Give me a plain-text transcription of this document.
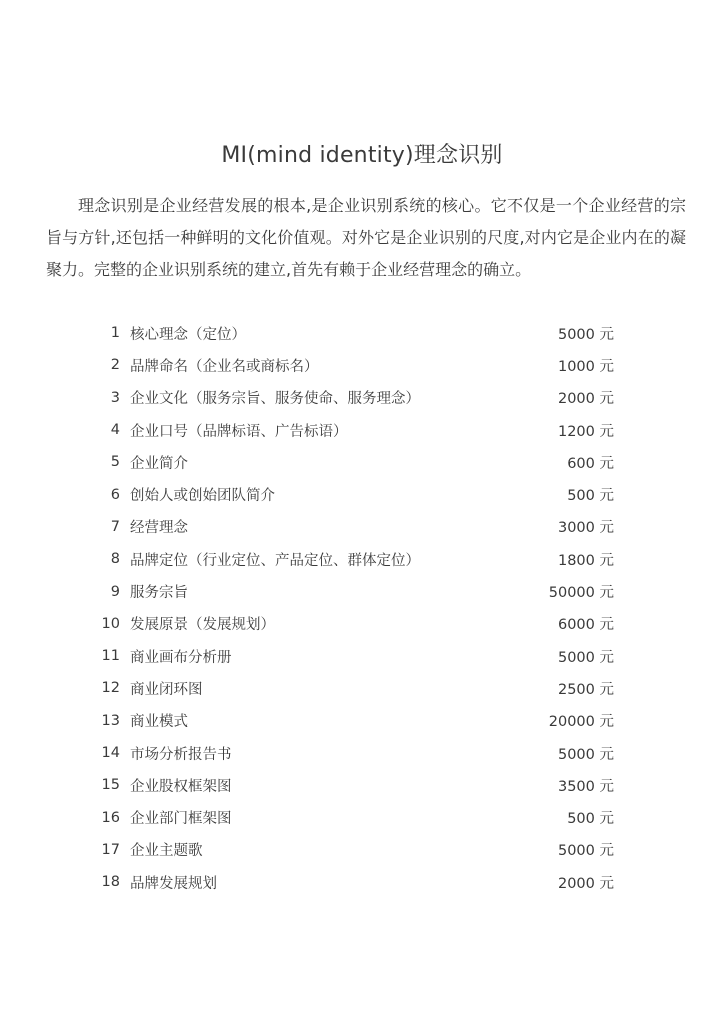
MI(mind identity)理念识别

理念识别是企业经营发展的根本,是企业识别系统的核心。它不仅是一个企业经营的宗旨与方针,还包括一种鲜明的文化价值观。对外它是企业识别的尺度,对内它是企业内在的凝聚力。完整的企业识别系统的建立,首先有赖于企业经营理念的确立。

1 核心理念（定位）	5000 元
2 品牌命名（企业名或商标名）	1000 元
3 企业文化（服务宗旨、服务使命、服务理念）	2000 元
4 企业口号（品牌标语、广告标语）	1200 元
5 企业简介	600 元
6 创始人或创始团队简介	500 元
7 经营理念	3000 元
8 品牌定位（行业定位、产品定位、群体定位）	1800 元
9 服务宗旨	50000 元
10 发展原景（发展规划）	6000 元
11 商业画布分析册	5000 元
12 商业闭环图	2500 元
13 商业模式	20000 元
14 市场分析报告书	5000 元
15 企业股权框架图	3500 元
16 企业部门框架图	500 元
17 企业主题歌	5000 元
18 品牌发展规划	2000 元
